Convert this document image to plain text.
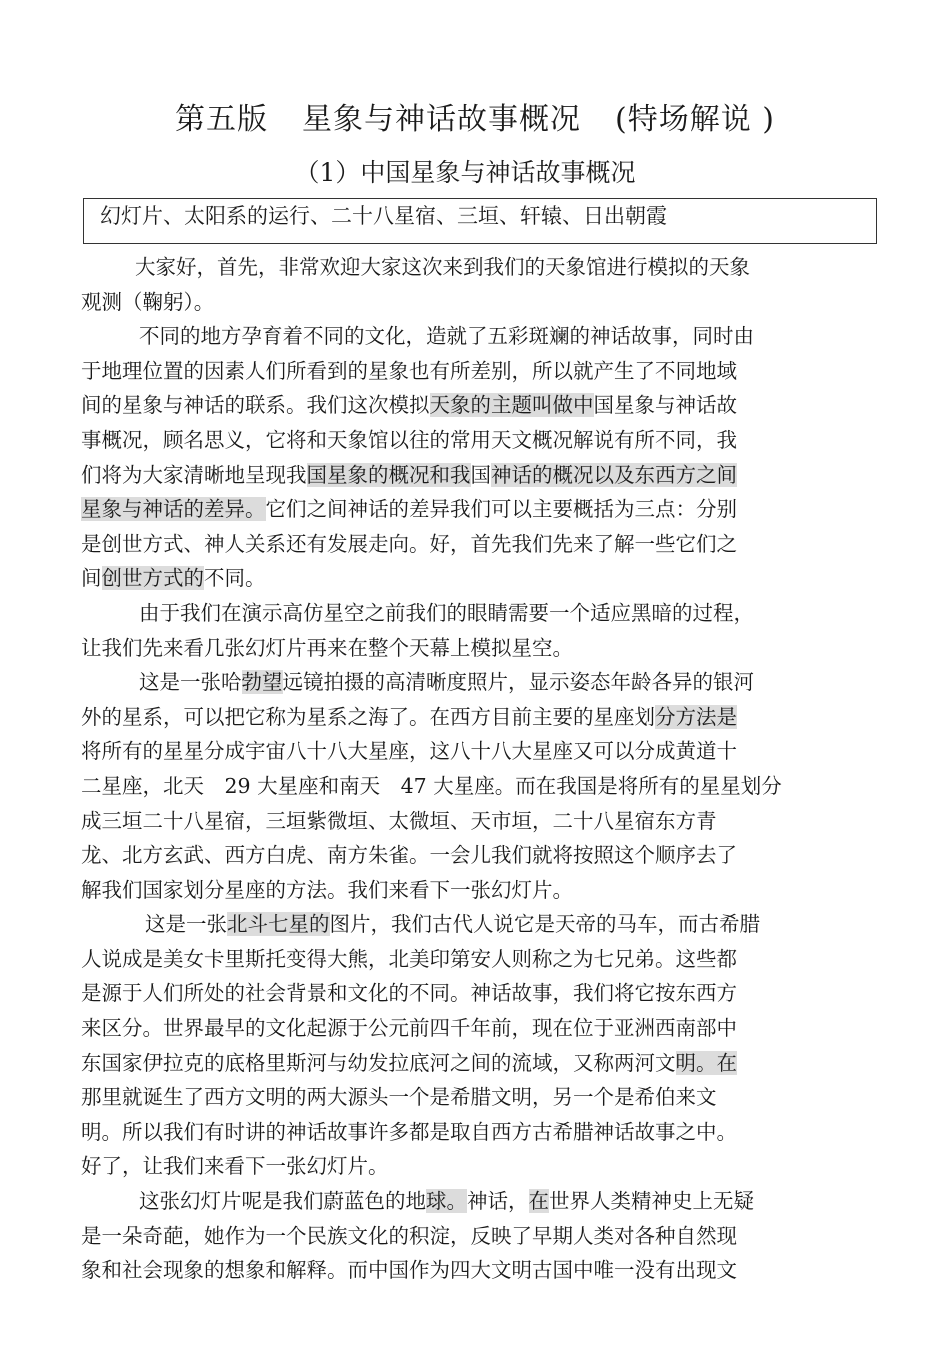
第五版 星象与神话故事概况 (特场解说 )
（1）中国星象与神话故事概况
幻灯片、太阳系的运行、二十八星宿、三垣、轩辕、日出朝霞
大家好，首先，非常欢迎大家这次来到我们的天象馆进行模拟的天象
观测（鞠躬）。
不同的地方孕育着不同的文化，造就了五彩斑斓的神话故事，同时由
于地理位置的因素人们所看到的星象也有所差别，所以就产生了不同地域
间的星象与神话的联系。我们这次模拟天象的主题叫做中国星象与神话故
事概况，顾名思义，它将和天象馆以往的常用天文概况解说有所不同，我
们将为大家清晰地呈现我国星象的概况和我国神话的概况以及东西方之间
星象与神话的差异。它们之间神话的差异我们可以主要概括为三点：分别
是创世方式、神人关系还有发展走向。好，首先我们先来了解一些它们之
间创世方式的不同。
由于我们在演示高仿星空之前我们的眼睛需要一个适应黑暗的过程，
让我们先来看几张幻灯片再来在整个天幕上模拟星空。
这是一张哈勃望远镜拍摄的高清晰度照片，显示姿态年龄各异的银河
外的星系，可以把它称为星系之海了。在西方目前主要的星座划分方法是
将所有的星星分成宇宙八十八大星座，这八十八大星座又可以分成黄道十
二星座，北天　29 大星座和南天　47 大星座。而在我国是将所有的星星划分
成三垣二十八星宿，三垣紫微垣、太微垣、天市垣，二十八星宿东方青
龙、北方玄武、西方白虎、南方朱雀。一会儿我们就将按照这个顺序去了
解我们国家划分星座的方法。我们来看下一张幻灯片。
这是一张北斗七星的图片，我们古代人说它是天帝的马车，而古希腊
人说成是美女卡里斯托变得大熊，北美印第安人则称之为七兄弟。这些都
是源于人们所处的社会背景和文化的不同。神话故事，我们将它按东西方
来区分。世界最早的文化起源于公元前四千年前，现在位于亚洲西南部中
东国家伊拉克的底格里斯河与幼发拉底河之间的流域，又称两河文明。在
那里就诞生了西方文明的两大源头一个是希腊文明，另一个是希伯来文
明。所以我们有时讲的神话故事许多都是取自西方古希腊神话故事之中。
好了，让我们来看下一张幻灯片。
这张幻灯片呢是我们蔚蓝色的地球。神话，在世界人类精神史上无疑
是一朵奇葩，她作为一个民族文化的积淀，反映了早期人类对各种自然现
象和社会现象的想象和解释。而中国作为四大文明古国中唯一没有出现文
